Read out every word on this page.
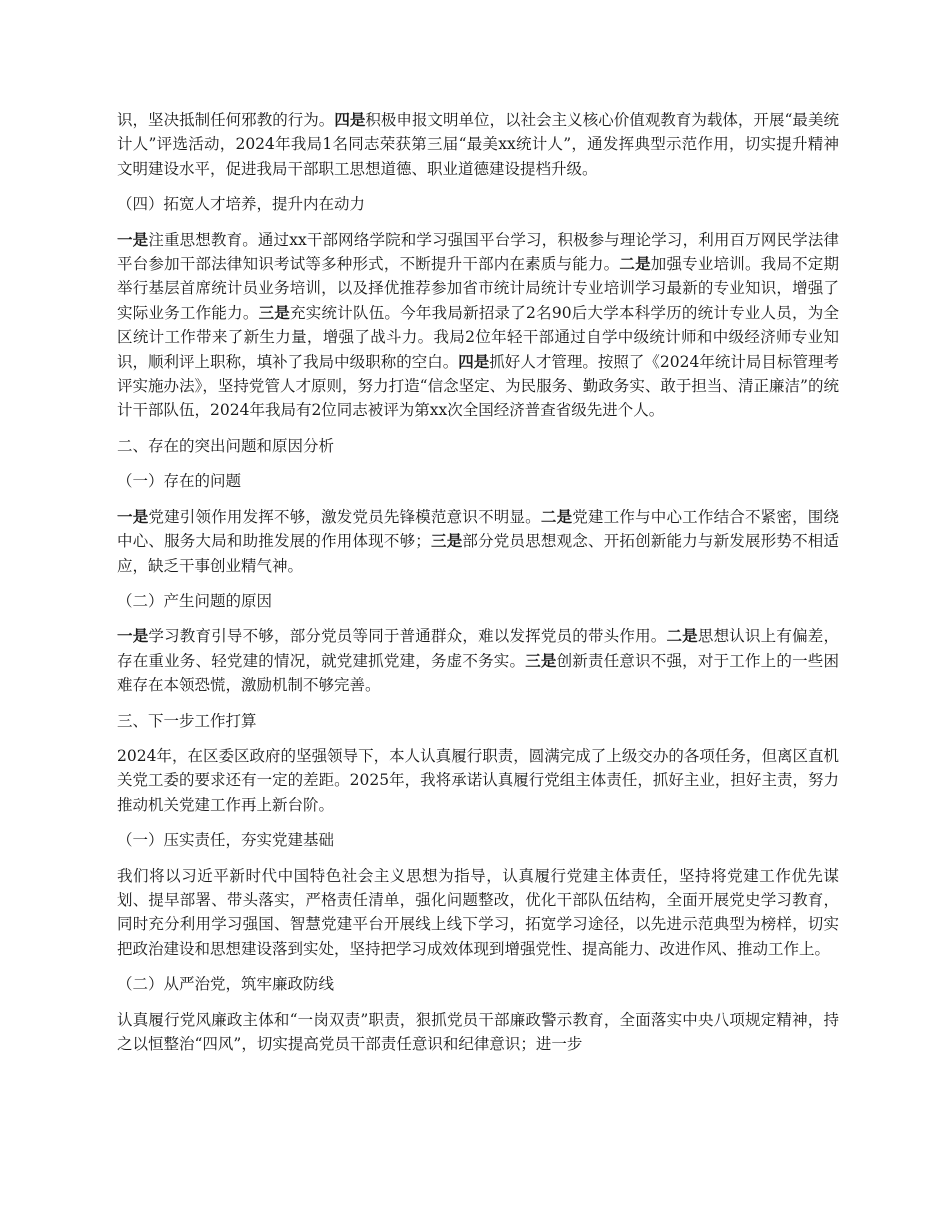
识，坚决抵制任何邪教的行为。四是积极申报文明单位，以社会主义核心价值观教育为载体，开展“最美统计人”评选活动，2024年我局1名同志荣获第三届“最美xx统计人”，通发挥典型示范作用，切实提升精神文明建设水平，促进我局干部职工思想道德、职业道德建设提档升级。

（四）拓宽人才培养，提升内在动力

一是注重思想教育。通过xx干部网络学院和学习强国平台学习，积极参与理论学习，利用百万网民学法律平台参加干部法律知识考试等多种形式，不断提升干部内在素质与能力。二是加强专业培训。我局不定期举行基层首席统计员业务培训，以及择优推荐参加省市统计局统计专业培训学习最新的专业知识，增强了实际业务工作能力。三是充实统计队伍。今年我局新招录了2名90后大学本科学历的统计专业人员，为全区统计工作带来了新生力量，增强了战斗力。我局2位年轻干部通过自学中级统计师和中级经济师专业知识，顺利评上职称，填补了我局中级职称的空白。四是抓好人才管理。按照了《2024年统计局目标管理考评实施办法》，坚持党管人才原则，努力打造“信念坚定、为民服务、勤政务实、敢于担当、清正廉洁”的统计干部队伍，2024年我局有2位同志被评为第xx次全国经济普查省级先进个人。

二、存在的突出问题和原因分析

（一）存在的问题

一是党建引领作用发挥不够，激发党员先锋模范意识不明显。二是党建工作与中心工作结合不紧密，围绕中心、服务大局和助推发展的作用体现不够；三是部分党员思想观念、开拓创新能力与新发展形势不相适应，缺乏干事创业精气神。

（二）产生问题的原因

一是学习教育引导不够，部分党员等同于普通群众，难以发挥党员的带头作用。二是思想认识上有偏差，存在重业务、轻党建的情况，就党建抓党建，务虚不务实。三是创新责任意识不强，对于工作上的一些困难存在本领恐慌，激励机制不够完善。

三、下一步工作打算

2024年，在区委区政府的坚强领导下，本人认真履行职责，圆满完成了上级交办的各项任务，但离区直机关党工委的要求还有一定的差距。2025年，我将承诺认真履行党组主体责任，抓好主业，担好主责，努力推动机关党建工作再上新台阶。

（一）压实责任，夯实党建基础

我们将以习近平新时代中国特色社会主义思想为指导，认真履行党建主体责任，坚持将党建工作优先谋划、提早部署、带头落实，严格责任清单，强化问题整改，优化干部队伍结构，全面开展党史学习教育，同时充分利用学习强国、智慧党建平台开展线上线下学习，拓宽学习途径，以先进示范典型为榜样，切实把政治建设和思想建设落到实处，坚持把学习成效体现到增强党性、提高能力、改进作风、推动工作上。

（二）从严治党，筑牢廉政防线

认真履行党风廉政主体和“一岗双责”职责，狠抓党员干部廉政警示教育，全面落实中央八项规定精神，持之以恒整治“四风”，切实提高党员干部责任意识和纪律意识；进一步
